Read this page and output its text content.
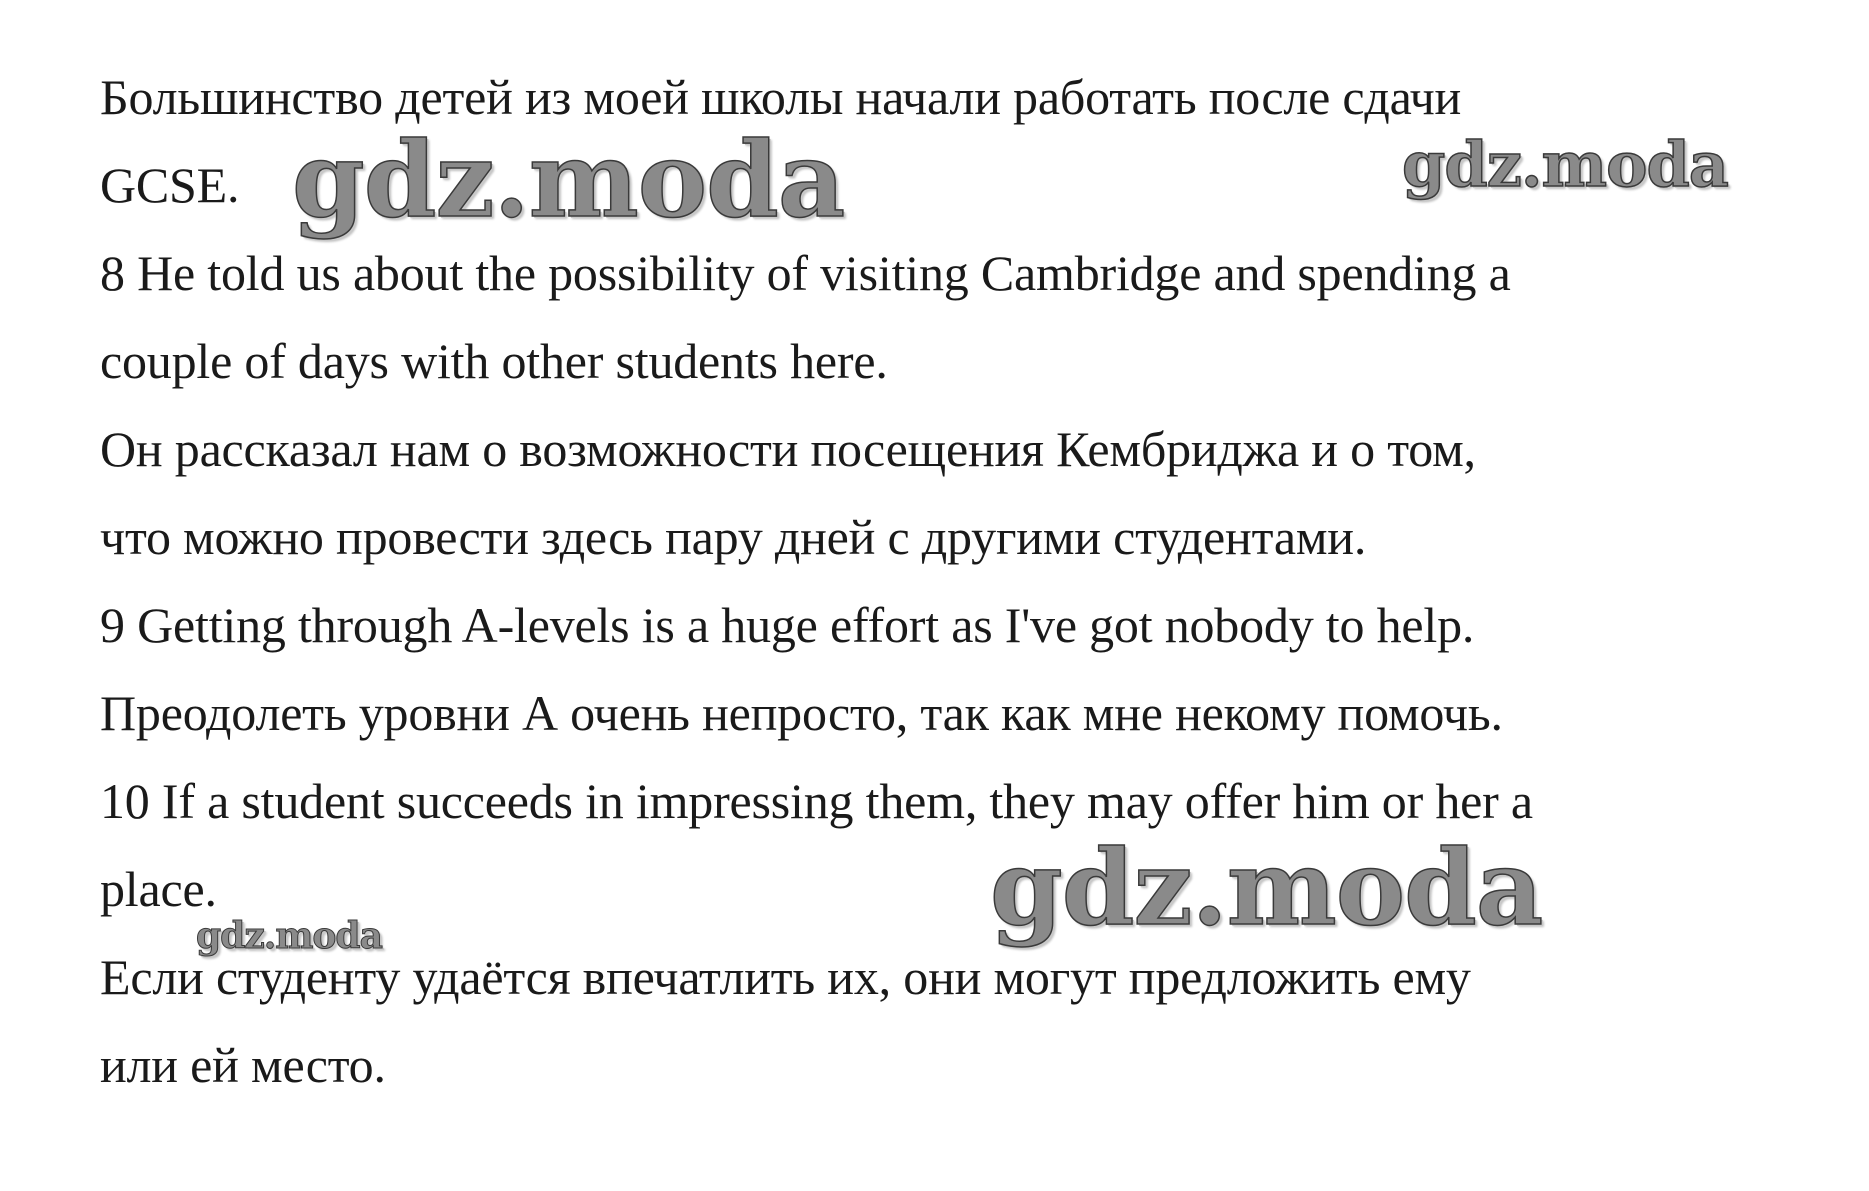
Большинство детей из моей школы начали работать после сдачи
GCSE.
8 He told us about the possibility of visiting Cambridge and spending a
couple of days with other students here.
Он рассказал нам о возможности посещения Кембриджа и о том,
что можно провести здесь пару дней с другими студентами.
9 Getting through A-levels is a huge effort as I've got nobody to help.
Преодолеть уровни А очень непросто, так как мне некому помочь.
10 If a student succeeds in impressing them, they may offer him or her a
place.
Если студенту удаётся впечатлить их, они могут предложить ему
или ей место.
gdz.moda	gdz.moda
gdz.moda
gdz.moda
